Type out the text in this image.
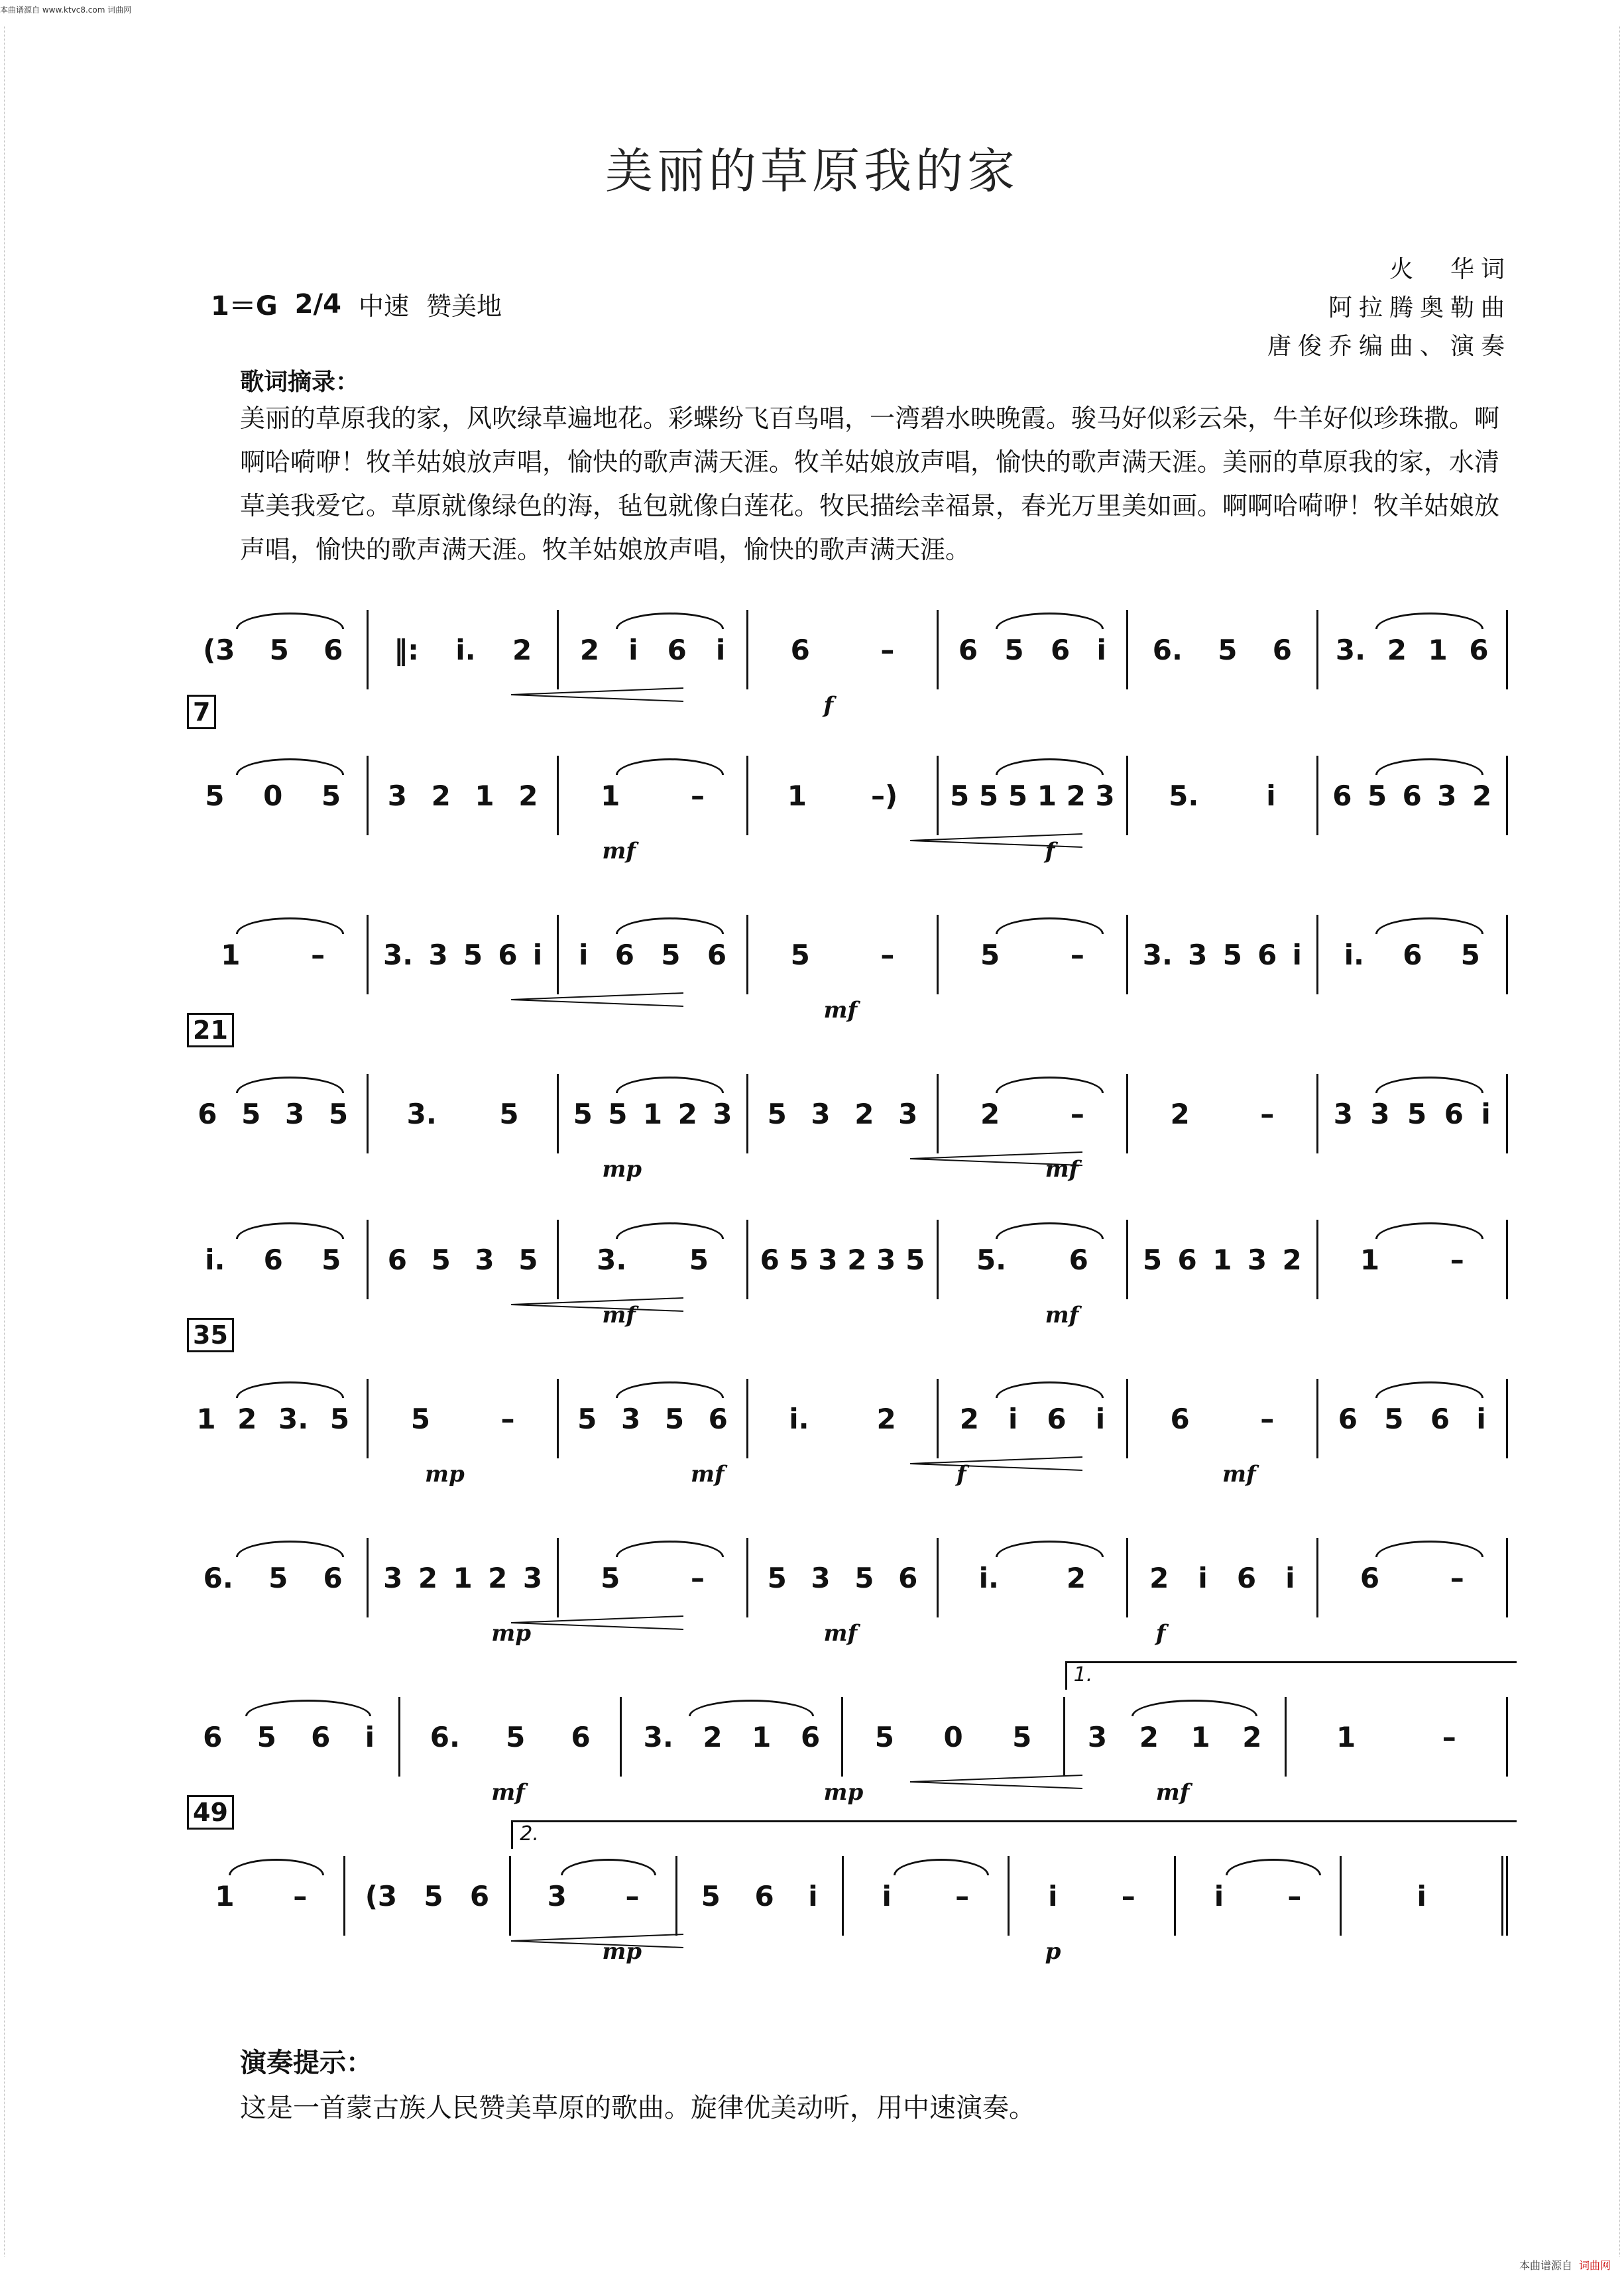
本曲谱源自 www.ktvc8.com 词曲网
美丽的草原我的家
1＝G 2/4 中速 赞美地
火　华词
阿拉腾奥勒曲
唐俊乔编曲、演奏
歌词摘录：
美丽的草原我的家，风吹绿草遍地花。彩蝶纷飞百鸟唱，一湾碧水映晚霞。骏马好似彩云朵，牛羊好似珍珠撒。啊啊哈嗬咿！牧羊姑娘放声唱，愉快的歌声满天涯。牧羊姑娘放声唱，愉快的歌声满天涯。美丽的草原我的家，水清草美我爱它。草原就像绿色的海，毡包就像白莲花。牧民描绘幸福景，春光万里美如画。啊啊哈嗬咿！牧羊姑娘放声唱，愉快的歌声满天涯。牧羊姑娘放声唱，愉快的歌声满天涯。
(3 5 6 ‖: i. 2 2 i 6 i 6	– 6 5 6 i 6. 5 6 3. 2 1 6
f
7
5 0 5 3 2 1 2 1	–	1 –) 5 5 5 1 2 3 5. i 6 5 6 3 2
mf	f
1	– 3. 3 5 6 i i 6 5 6 5	–	5	– 3. 3 5 6 i i. 6 5
mf
21
6 5 3 5 3. 5 5 5 1 2 3 5 3 2 3 2	–	2	– 3 3 5 6 i
mp	mf
i. 6 5 6 5 3 5 3. 5 6 5 3 2 3 5 5. 6 5 6 1 3 2 1	–
mf	mf
35
1 2 3. 5 5	– 5 3 5 6 i. 2 2 i 6 i 6	– 6 5 6 i
mp	mf	f	mf
6. 5 6 3 2 1 2 3 5	– 5 3 5 6 i. 2 2 i 6 i 6	–
mp	mf	f
6 5 6 i 6. 5 6 3. 2 1 6 5 0 5 3 2 1 2	1	–
1.
mf	mp	mf
49
1 – (3 5 6 3 – 5 6 i i –	i –	i –	i
2.
mp	p
演奏提示：
这是一首蒙古族人民赞美草原的歌曲。旋律优美动听，用中速演奏。
本曲谱源自 词曲网
